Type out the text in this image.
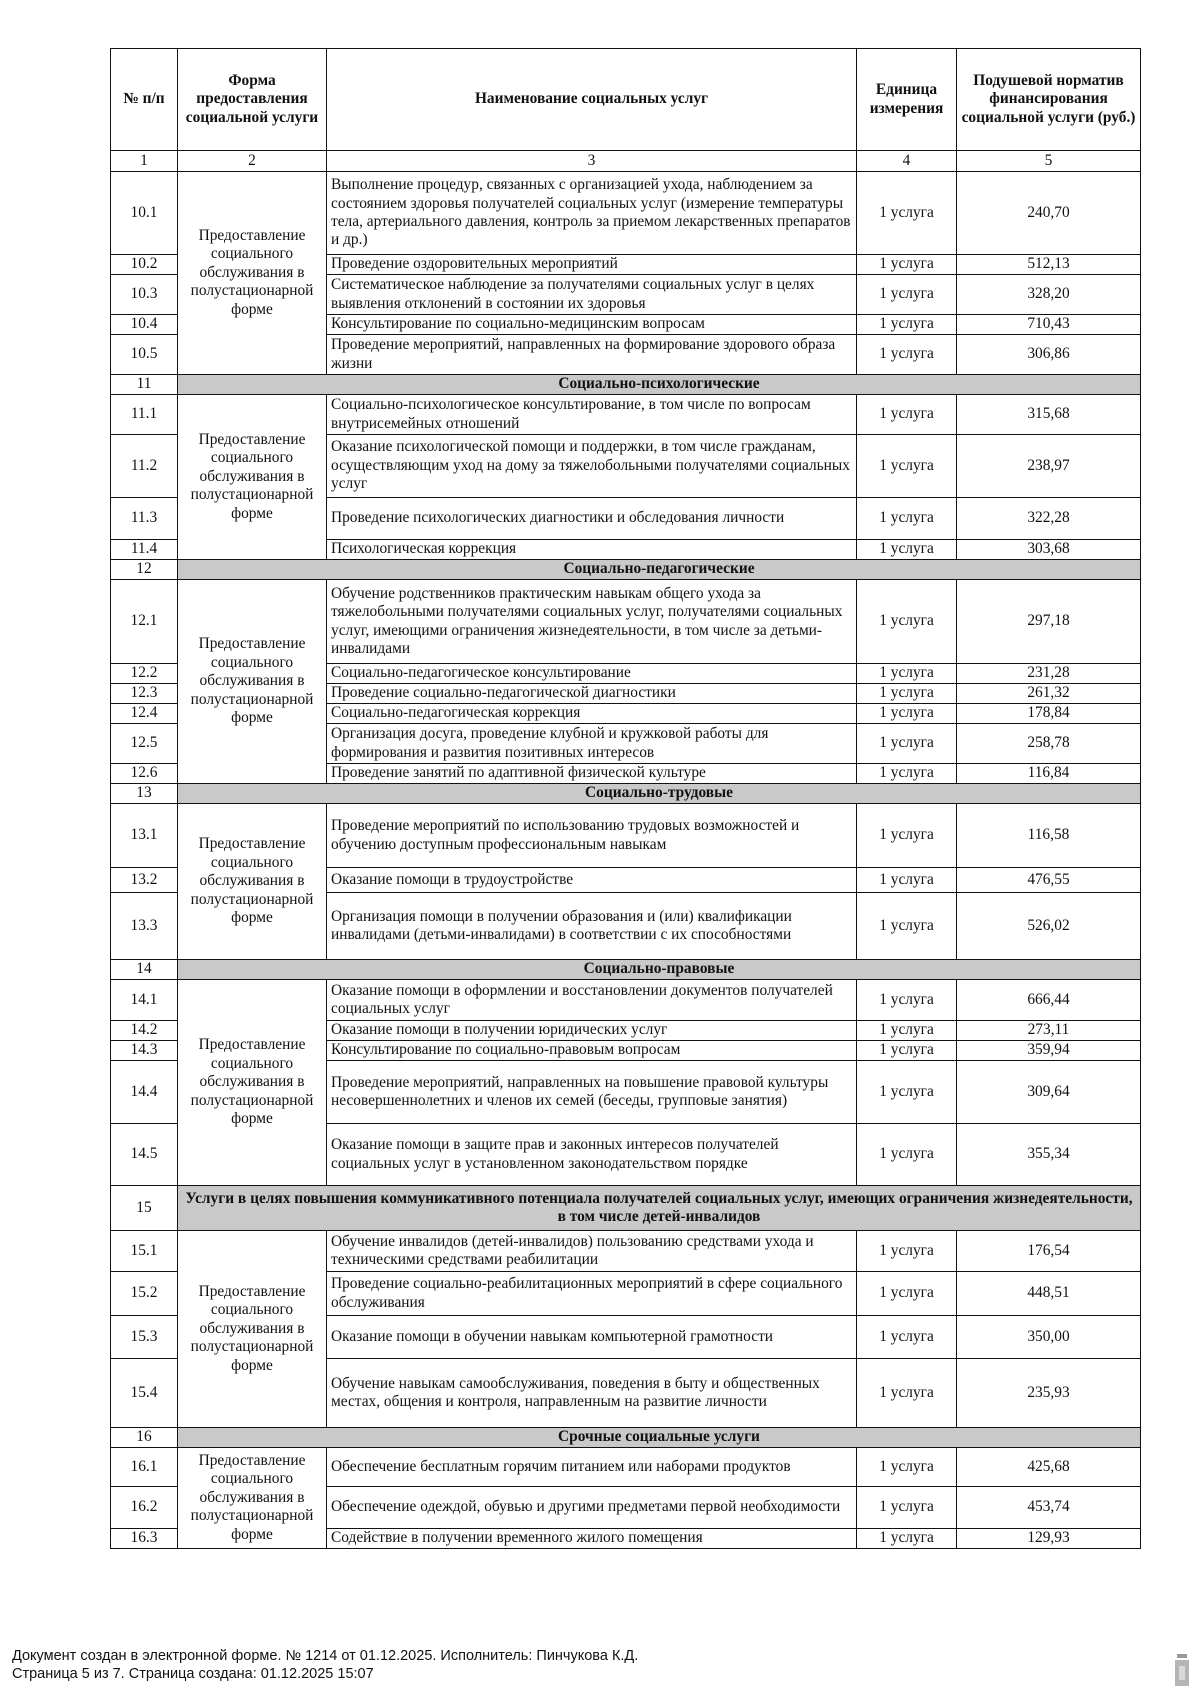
№ п/п	Форма предоставления социальной услуги	Наименование социальных услуг	Единица измерения	Подушевой норматив финансирования социальной услуги (руб.)
1	2	3	4	5
10.1	Предоставление социального обслуживания в полустационарной форме	Выполнение процедур, связанных с организацией ухода, наблюдением за состоянием здоровья получателей социальных услуг (измерение температуры тела, артериального давления, контроль за приемом лекарственных препаратов и др.)	1 услуга	240,70
10.2		Проведение оздоровительных мероприятий	1 услуга	512,13
10.3		Систематическое наблюдение за получателями социальных услуг в целях выявления отклонений в состоянии их здоровья	1 услуга	328,20
10.4		Консультирование по социально-медицинским вопросам	1 услуга	710,43
10.5		Проведение мероприятий, направленных на формирование здорового образа жизни	1 услуга	306,86
11	Социально-психологические			
11.1	Предоставление социального обслуживания в полустационарной форме	Социально-психологическое консультирование, в том числе по вопросам внутрисемейных отношений	1 услуга	315,68
11.2		Оказание психологической помощи и поддержки, в том числе гражданам, осуществляющим уход на дому за тяжелобольными получателями социальных услуг	1 услуга	238,97
11.3		Проведение психологических диагностики и обследования личности	1 услуга	322,28
11.4		Психологическая коррекция	1 услуга	303,68
12	Социально-педагогические			
12.1	Предоставление социального обслуживания в полустационарной форме	Обучение родственников практическим навыкам общего ухода за тяжелобольными получателями социальных услуг, получателями социальных услуг, имеющими ограничения жизнедеятельности, в том числе за детьми-инвалидами	1 услуга	297,18
12.2		Социально-педагогическое консультирование	1 услуга	231,28
12.3		Проведение социально-педагогической диагностики	1 услуга	261,32
12.4		Социально-педагогическая коррекция	1 услуга	178,84
12.5		Организация досуга, проведение клубной и кружковой работы для формирования и развития позитивных интересов	1 услуга	258,78
12.6		Проведение занятий по адаптивной физической культуре	1 услуга	116,84
13	Социально-трудовые			
13.1	Предоставление социального обслуживания в полустационарной форме	Проведение мероприятий по использованию трудовых возможностей и обучению доступным профессиональным навыкам	1 услуга	116,58
13.2		Оказание помощи в трудоустройстве	1 услуга	476,55
13.3		Организация помощи в получении образования и (или) квалификации инвалидами (детьми-инвалидами) в соответствии с их способностями	1 услуга	526,02
14	Социально-правовые			
14.1	Предоставление социального обслуживания в полустационарной форме	Оказание помощи в оформлении и восстановлении документов получателей социальных услуг	1 услуга	666,44
14.2		Оказание помощи в получении юридических услуг	1 услуга	273,11
14.3		Консультирование по социально-правовым вопросам	1 услуга	359,94
14.4		Проведение мероприятий, направленных на повышение правовой культуры несовершеннолетних и членов их семей (беседы, групповые занятия)	1 услуга	309,64
14.5		Оказание помощи в защите прав и законных интересов получателей социальных услуг в установленном законодательством порядке	1 услуга	355,34
15	Услуги в целях повышения коммуникативного потенциала получателей социальных услуг, имеющих ограничения жизнедеятельности, в том числе детей-инвалидов			
15.1	Предоставление социального обслуживания в полустационарной форме	Обучение инвалидов (детей-инвалидов) пользованию средствами ухода и техническими средствами реабилитации	1 услуга	176,54
15.2		Проведение социально-реабилитационных мероприятий в сфере социального обслуживания	1 услуга	448,51
15.3		Оказание помощи в обучении навыкам компьютерной грамотности	1 услуга	350,00
15.4		Обучение навыкам самообслуживания, поведения в быту и общественных местах, общения и контроля, направленным на развитие личности	1 услуга	235,93
16	Срочные социальные услуги			
16.1	Предоставление социального обслуживания в полустационарной форме	Обеспечение бесплатным горячим питанием или наборами продуктов	1 услуга	425,68
16.2		Обеспечение одеждой, обувью и другими предметами первой необходимости	1 услуга	453,74
16.3		Содействие в получении временного жилого помещения	1 услуга	129,93
Документ создан в электронной форме. № 1214 от 01.12.2025. Исполнитель: Пинчукова К.Д.
Страница 5 из 7. Страница создана: 01.12.2025 15:07
